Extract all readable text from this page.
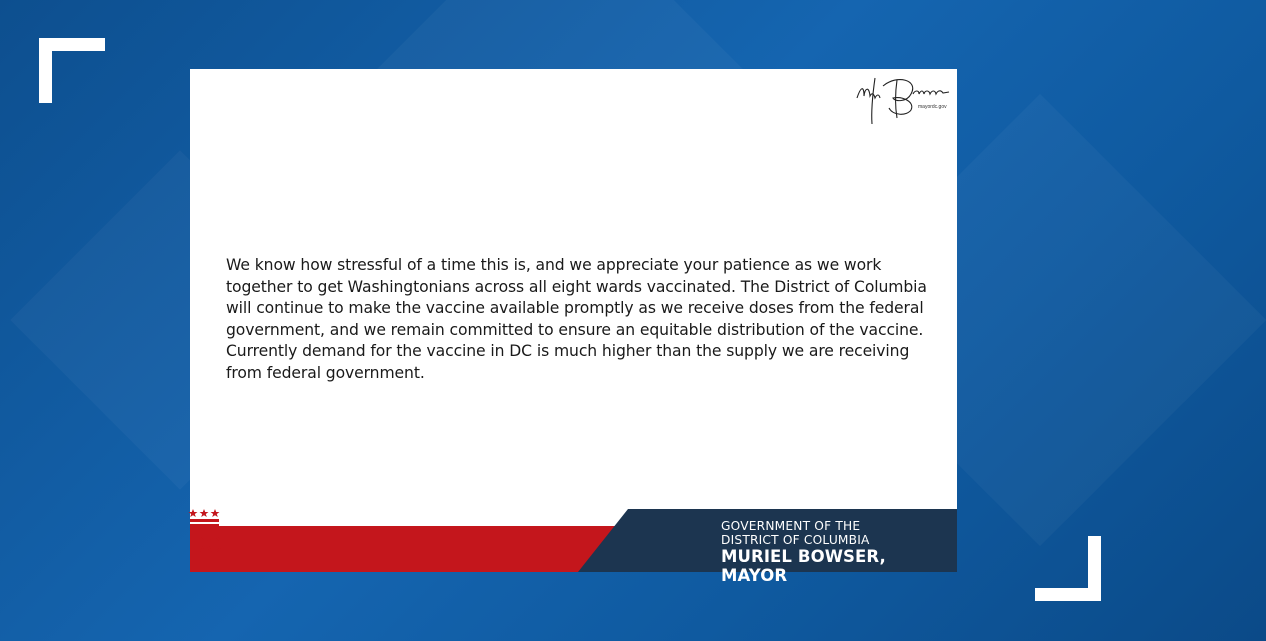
mayordc.gov

We know how stressful of a time this is, and we appreciate your patience as we work together to get Washingtonians across all eight wards vaccinated. The District of Columbia will continue to make the vaccine available promptly as we receive doses from the federal government, and we remain committed to ensure an equitable distribution of the vaccine. Currently demand for the vaccine in DC is much higher than the supply we are receiving from federal government.

DC
GOVERNMENT OF THE
DISTRICT OF COLUMBIA
MURIEL BOWSER, MAYOR
